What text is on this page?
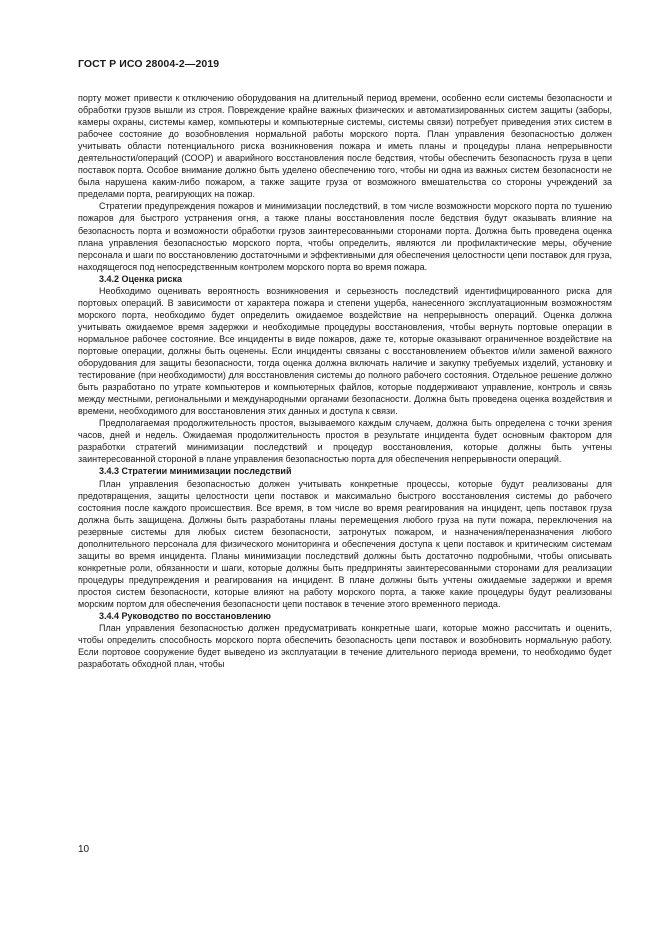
ГОСТ Р ИСО 28004-2—2019

порту может привести к отключению оборудования на длительный период времени, особенно если системы безопасности и обработки грузов вышли из строя. Повреждение крайне важных физических и автоматизированных систем защиты (заборы, камеры охраны, системы камер, компьютеры и компьютерные системы, системы связи) потребует приведения этих систем в рабочее состояние до возобновления нормальной работы морского порта. План управления безопасностью должен учитывать области потенциального риска возникновения пожара и иметь планы и процедуры плана непрерывности деятельности/операций (СООР) и аварийного восстановления после бедствия, чтобы обеспечить безопасность груза в цепи поставок порта. Особое внимание должно быть уделено обеспечению того, чтобы ни одна из важных систем безопасности не была нарушена каким-либо пожаром, а также защите груза от возможного вмешательства со стороны учреждений за пределами порта, реагирующих на пожар.

Стратегии предупреждения пожаров и минимизации последствий, в том числе возможности морского порта по тушению пожаров для быстрого устранения огня, а также планы восстановления после бедствия будут оказывать влияние на безопасность порта и возможности обработки грузов заинтересованными сторонами порта. Должна быть проведена оценка плана управления безопасностью морского порта, чтобы определить, являются ли профилактические меры, обучение персонала и шаги по восстановлению достаточными и эффективными для обеспечения целостности цепи поставок для груза, находящегося под непосредственным контролем морского порта во время пожара.

3.4.2 Оценка риска

Необходимо оценивать вероятность возникновения и серьезность последствий идентифицированного риска для портовых операций. В зависимости от характера пожара и степени ущерба, нанесенного эксплуатационным возможностям морского порта, необходимо будет определить ожидаемое воздействие на непрерывность операций. Оценка должна учитывать ожидаемое время задержки и необходимые процедуры восстановления, чтобы вернуть портовые операции в нормальное рабочее состояние. Все инциденты в виде пожаров, даже те, которые оказывают ограниченное воздействие на портовые операции, должны быть оценены. Если инциденты связаны с восстановлением объектов и/или заменой важного оборудования для защиты безопасности, тогда оценка должна включать наличие и закупку требуемых изделий, установку и тестирование (при необходимости) для восстановления системы до полного рабочего состояния. Отдельное решение должно быть разработано по утрате компьютеров и компьютерных файлов, которые поддерживают управление, контроль и связь между местными, региональными и международными органами безопасности. Должна быть проведена оценка воздействия и времени, необходимого для восстановления этих данных и доступа к связи.

Предполагаемая продолжительность простоя, вызываемого каждым случаем, должна быть определена с точки зрения часов, дней и недель. Ожидаемая продолжительность простоя в результате инцидента будет основным фактором для разработки стратегий минимизации последствий и процедур восстановления, которые должны быть учтены заинтересованной стороной в плане управления безопасностью порта для обеспечения непрерывности операций.

3.4.3 Стратегии минимизации последствий

План управления безопасностью должен учитывать конкретные процессы, которые будут реализованы для предотвращения, защиты целостности цепи поставок и максимально быстрого восстановления системы до рабочего состояния после каждого происшествия. Все время, в том числе во время реагирования на инцидент, цепь поставок груза должна быть защищена. Должны быть разработаны планы перемещения любого груза на пути пожара, переключения на резервные системы для любых систем безопасности, затронутых пожаром, и назначения/переназначения любого дополнительного персонала для физического мониторинга и обеспечения доступа к цепи поставок и критическим системам защиты во время инцидента. Планы минимизации последствий должны быть достаточно подробными, чтобы описывать конкретные роли, обязанности и шаги, которые должны быть предприняты заинтересованными сторонами для реализации процедуры предупреждения и реагирования на инцидент. В плане должны быть учтены ожидаемые задержки и время простоя систем безопасности, которые влияют на работу морского порта, а также какие процедуры будут реализованы морским портом для обеспечения безопасности цепи поставок в течение этого временного периода.

3.4.4 Руководство по восстановлению

План управления безопасностью должен предусматривать конкретные шаги, которые можно рассчитать и оценить, чтобы определить способность морского порта обеспечить безопасность цепи поставок и возобновить нормальную работу. Если портовое сооружение будет выведено из эксплуатации в течение длительного периода времени, то необходимо будет разработать обходной план, чтобы

10
